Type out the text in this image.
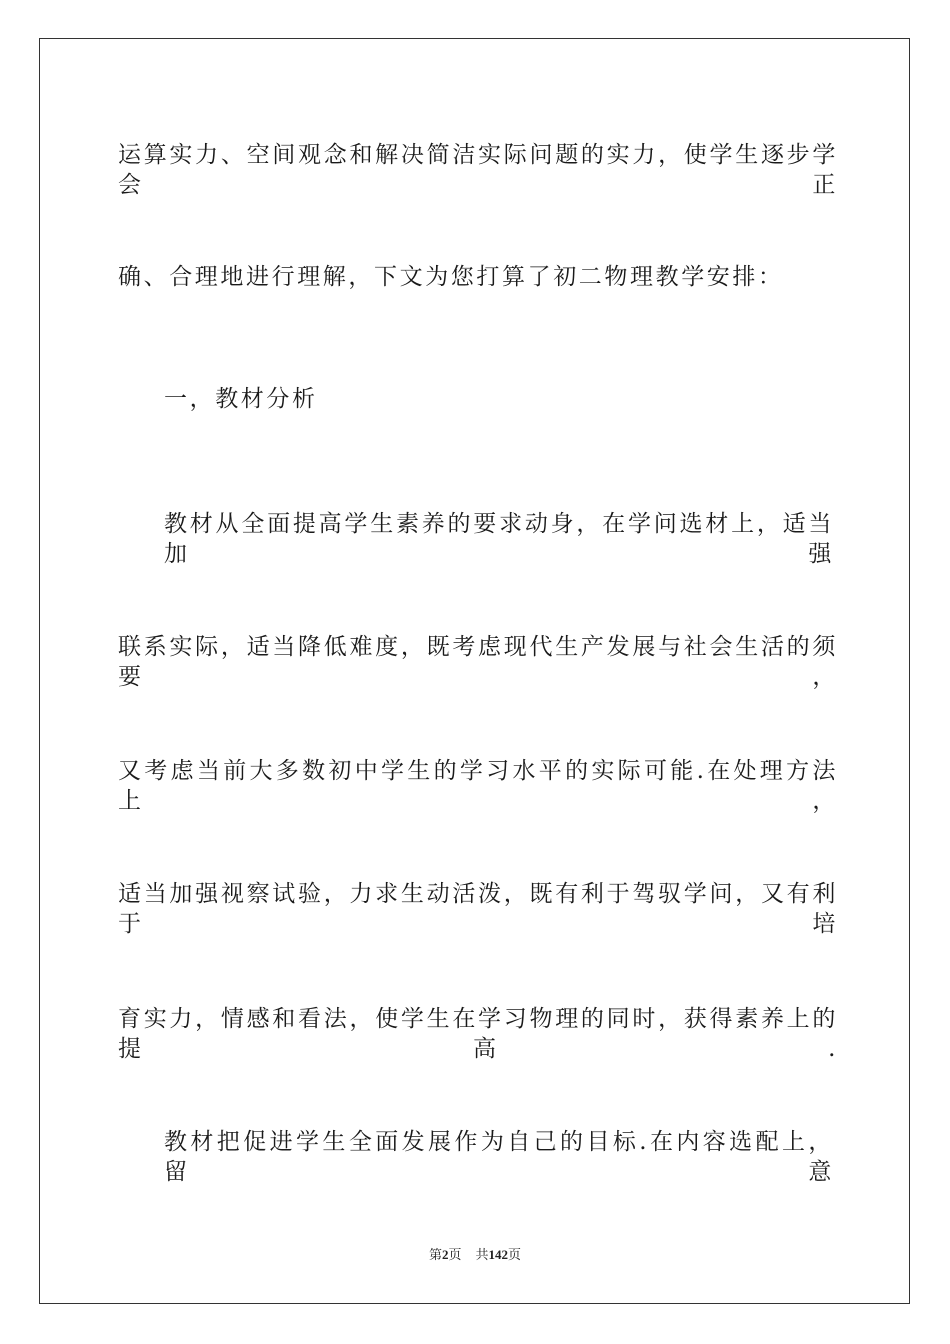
运算实力、空间观念和解决简洁实际问题的实力，使学生逐步学会正
确、合理地进行理解，下文为您打算了初二物理教学安排：
一，教材分析
教材从全面提高学生素养的要求动身，在学问选材上，适当加强
联系实际，适当降低难度，既考虑现代生产发展与社会生活的须要，
又考虑当前大多数初中学生的学习水平的实际可能.在处理方法上，
适当加强视察试验，力求生动活泼，既有利于驾驭学问，又有利于培
育实力，情感和看法，使学生在学习物理的同时，获得素养上的提高.
教材把促进学生全面发展作为自己的目标.在内容选配上，留意
第2页 共142页
